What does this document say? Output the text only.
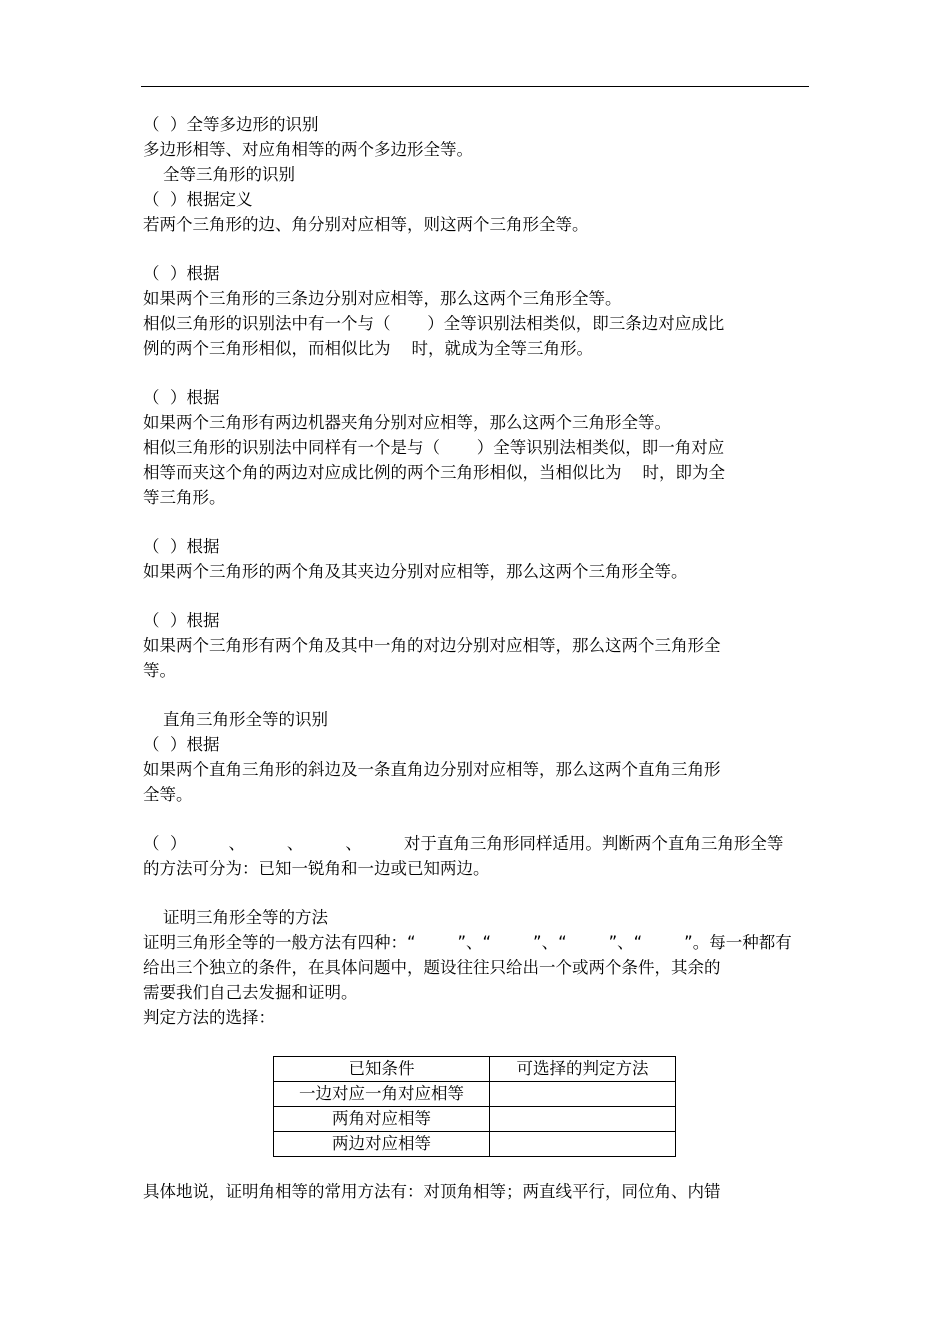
（  ）全等多边形的识别
多边形相等、对应角相等的两个多边形全等。
全等三角形的识别
（  ）根据定义
若两个三角形的边、角分别对应相等，则这两个三角形全等。
（  ）根据
如果两个三角形的三条边分别对应相等，那么这两个三角形全等。
相似三角形的识别法中有一个与（       ）全等识别法相类似，即三条边对应成比
例的两个三角形相似，而相似比为    时，就成为全等三角形。
（  ）根据
如果两个三角形有两边机器夹角分别对应相等，那么这两个三角形全等。
相似三角形的识别法中同样有一个是与（       ）全等识别法相类似，即一角对应
相等而夹这个角的两边对应成比例的两个三角形相似，当相似比为    时，即为全
等三角形。
（  ）根据
如果两个三角形的两个角及其夹边分别对应相等，那么这两个三角形全等。
（  ）根据
如果两个三角形有两个角及其中一角的对边分别对应相等，那么这两个三角形全
等。
直角三角形全等的识别
（  ）根据
如果两个直角三角形的斜边及一条直角边分别对应相等，那么这两个直角三角形
全等。
（  ）        、        、        、        对于直角三角形同样适用。判断两个直角三角形全等
的方法可分为：已知一锐角和一边或已知两边。
证明三角形全等的方法
证明三角形全等的一般方法有四种：“        ”、“        ”、“        ”、“        ”。每一种都有
给出三个独立的条件，在具体问题中，题设往往只给出一个或两个条件，其余的
需要我们自己去发掘和证明。
判定方法的选择：
已知条件	可选择的判定方法
一边对应一角对应相等	
两角对应相等	
两边对应相等	
具体地说，证明角相等的常用方法有：对顶角相等；两直线平行，同位角、内错
